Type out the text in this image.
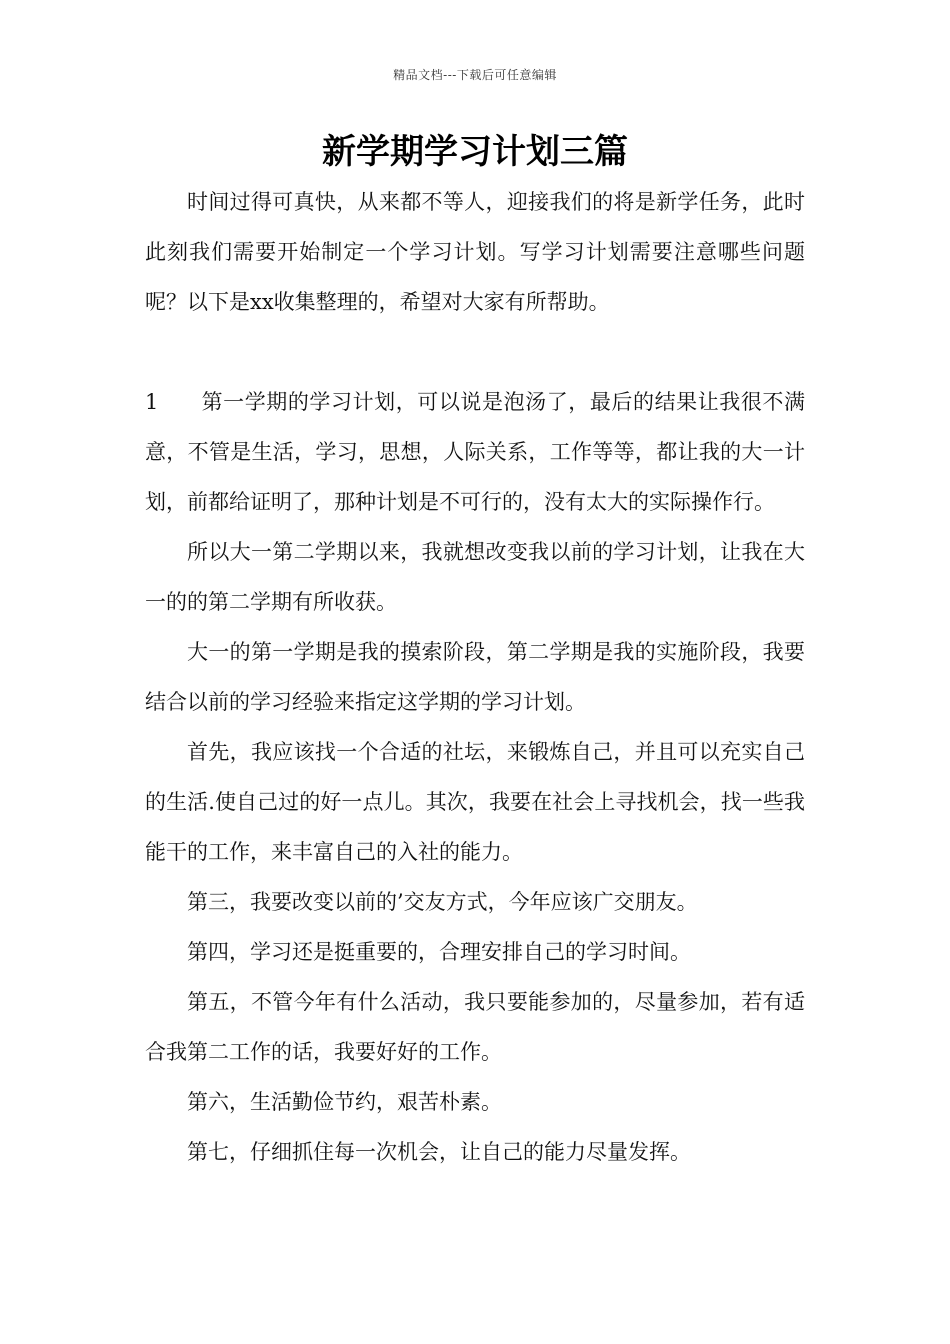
精品文档---下载后可任意编辑
新学期学习计划三篇

时间过得可真快，从来都不等人，迎接我们的将是新学任务，此时此刻我们需要开始制定一个学习计划。写学习计划需要注意哪些问题呢？以下是xx收集整理的，希望对大家有所帮助。

1 第一学期的学习计划，可以说是泡汤了，最后的结果让我很不满意，不管是生活，学习，思想，人际关系，工作等等，都让我的大一计划，前都给证明了，那种计划是不可行的，没有太大的实际操作行。

所以大一第二学期以来，我就想改变我以前的学习计划，让我在大一的的第二学期有所收获。

大一的第一学期是我的摸索阶段，第二学期是我的实施阶段，我要结合以前的学习经验来指定这学期的学习计划。

首先，我应该找一个合适的社坛，来锻炼自己，并且可以充实自己的生活.使自己过的好一点儿。其次，我要在社会上寻找机会，找一些我能干的工作，来丰富自己的入社的能力。

第三，我要改变以前的’交友方式，今年应该广交朋友。

第四，学习还是挺重要的，合理安排自己的学习时间。

第五，不管今年有什么活动，我只要能参加的，尽量参加，若有适合我第二工作的话，我要好好的工作。

第六，生活勤俭节约，艰苦朴素。

第七，仔细抓住每一次机会，让自己的能力尽量发挥。
